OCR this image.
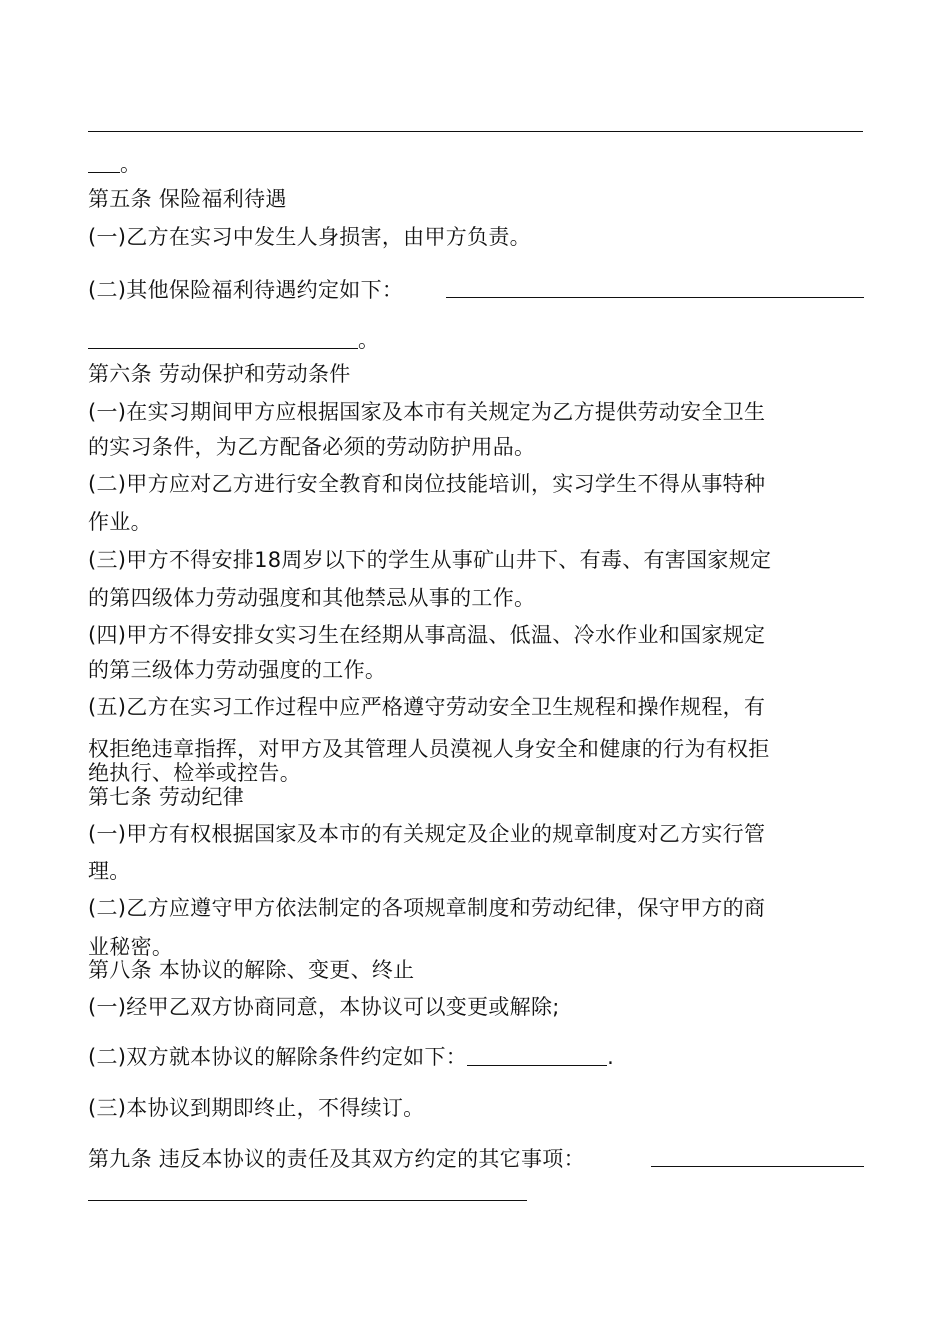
。
第五条 保险福利待遇
(一)乙方在实习中发生人身损害，由甲方负责。
(二)其他保险福利待遇约定如下：
。
第六条 劳动保护和劳动条件
(一)在实习期间甲方应根据国家及本市有关规定为乙方提供劳动安全卫生
的实习条件，为乙方配备必须的劳动防护用品。
(二)甲方应对乙方进行安全教育和岗位技能培训，实习学生不得从事特种
作业。
(三)甲方不得安排18周岁以下的学生从事矿山井下、有毒、有害国家规定
的第四级体力劳动强度和其他禁忌从事的工作。
(四)甲方不得安排女实习生在经期从事高温、低温、冷水作业和国家规定
的第三级体力劳动强度的工作。
(五)乙方在实习工作过程中应严格遵守劳动安全卫生规程和操作规程，有
权拒绝违章指挥，对甲方及其管理人员漠视人身安全和健康的行为有权拒
绝执行、检举或控告。
第七条 劳动纪律
(一)甲方有权根据国家及本市的有关规定及企业的规章制度对乙方实行管
理。
(二)乙方应遵守甲方依法制定的各项规章制度和劳动纪律，保守甲方的商
业秘密。
第八条 本协议的解除、变更、终止
(一)经甲乙双方协商同意，本协议可以变更或解除;
(二)双方就本协议的解除条件约定如下：	.
(三)本协议到期即终止，不得续订。
第九条 违反本协议的责任及其双方约定的其它事项：
